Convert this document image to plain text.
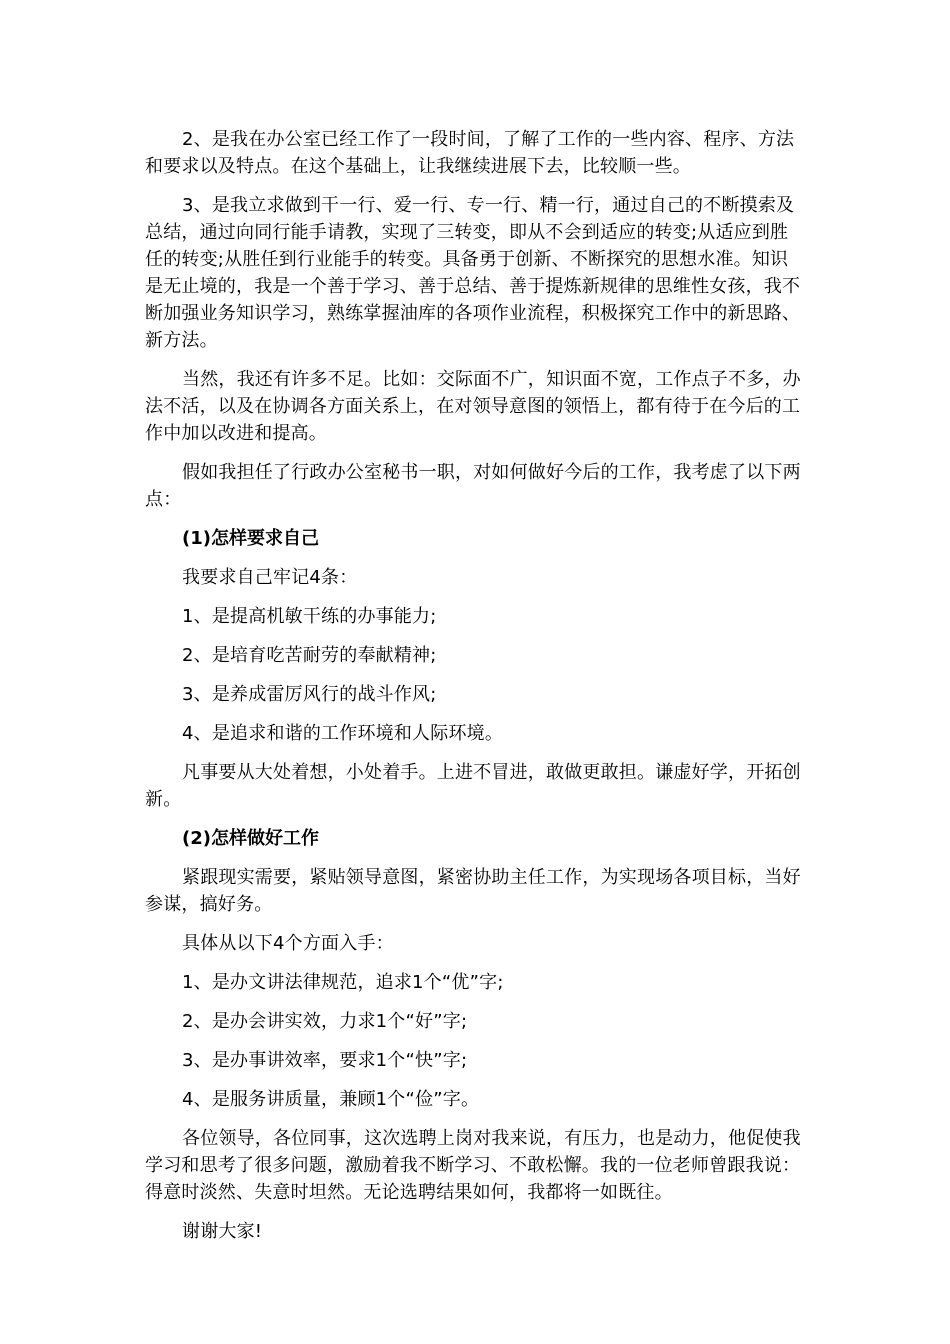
2、是我在办公室已经工作了一段时间，了解了工作的一些内容、程序、方法和要求以及特点。在这个基础上，让我继续进展下去，比较顺一些。

3、是我立求做到干一行、爱一行、专一行、精一行，通过自己的不断摸索及总结，通过向同行能手请教，实现了三转变，即从不会到适应的转变;从适应到胜任的转变;从胜任到行业能手的转变。具备勇于创新、不断探究的思想水准。知识是无止境的，我是一个善于学习、善于总结、善于提炼新规律的思维性女孩，我不断加强业务知识学习，熟练掌握油库的各项作业流程，积极探究工作中的新思路、新方法。

当然，我还有许多不足。比如：交际面不广，知识面不宽，工作点子不多，办法不活，以及在协调各方面关系上，在对领导意图的领悟上，都有待于在今后的工作中加以改进和提高。

假如我担任了行政办公室秘书一职，对如何做好今后的工作，我考虑了以下两点：

(1)怎样要求自己

我要求自己牢记4条：

1、是提高机敏干练的办事能力;

2、是培育吃苦耐劳的奉献精神;

3、是养成雷厉风行的战斗作风;

4、是追求和谐的工作环境和人际环境。

凡事要从大处着想，小处着手。上进不冒进，敢做更敢担。谦虚好学，开拓创新。

(2)怎样做好工作

紧跟现实需要，紧贴领导意图，紧密协助主任工作，为实现场各项目标，当好参谋，搞好务。

具体从以下4个方面入手：

1、是办文讲法律规范，追求1个“优”字;

2、是办会讲实效，力求1个“好”字;

3、是办事讲效率，要求1个“快”字;

4、是服务讲质量，兼顾1个“俭”字。

各位领导，各位同事，这次选聘上岗对我来说，有压力，也是动力，他促使我学习和思考了很多问题，激励着我不断学习、不敢松懈。我的一位老师曾跟我说：得意时淡然、失意时坦然。无论选聘结果如何，我都将一如既往。

谢谢大家!
